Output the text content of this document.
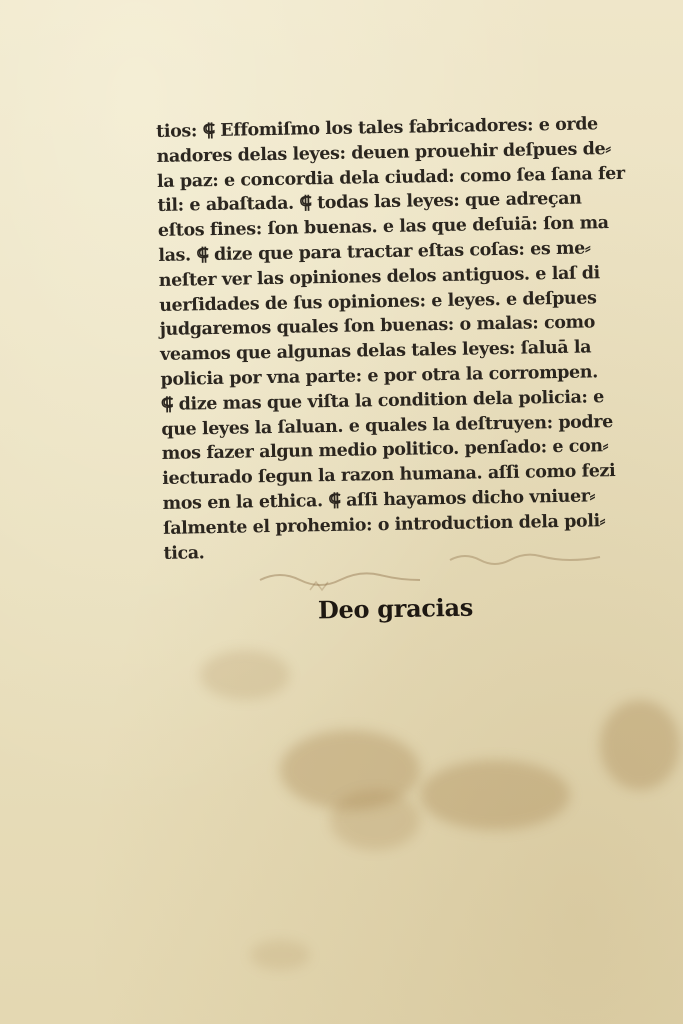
tios: ⸿ Effomiſmo los tales fabricadores: e orde
nadores delas leyes: deuen prouehir deſpues de⸗
la paz: e concordia dela ciudad: como ſea ſana fer
til: e abaſtada. ⸿ todas las leyes: que adreçan
eſtos fines: ſon buenas. e las que deſuiā: ſon ma
las. ⸿ dize que para tractar eſtas coſas: es me⸗
neſter ver las opiniones delos antiguos. e laſ di
uerſidades de ſus opiniones: e leyes. e deſpues
judgaremos quales ſon buenas: o malas: como
veamos que algunas delas tales leyes: ſaluā la
policia por vna parte: e por otra la corrompen.
⸿ dize mas que viſta la condition dela policia: e
que leyes la ſaluan. e quales la deſtruyen: podre
mos fazer algun medio politico. penſado: e con⸗
iecturado ſegun la razon humana. aſſi como fezi
mos en la ethica. ⸿ aſſi hayamos dicho vniuer⸗
ſalmente el prohemio: o introduction dela poli⸗
tica.
Deo gracias
